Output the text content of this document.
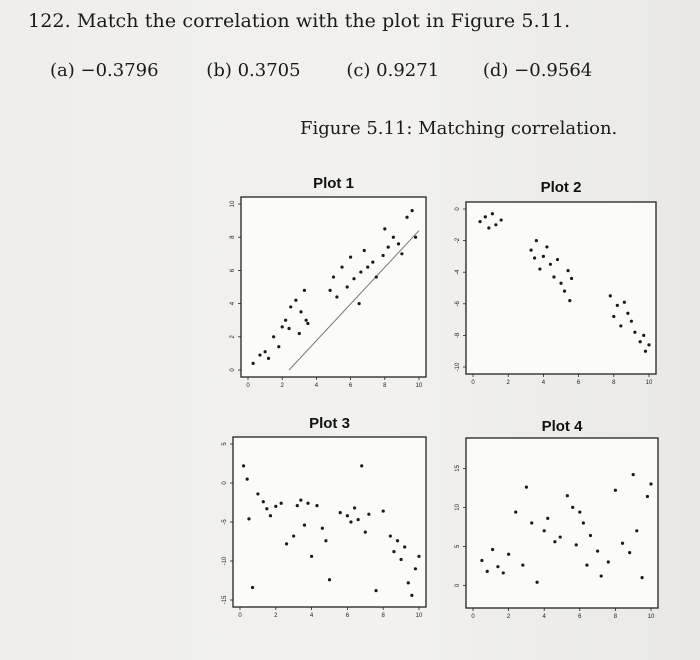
122. Match the correlation with the plot in Figure 5.11.
(a) −0.3796	(b) 0.3705	(c) 0.9271 (d) −0.9564
Figure 5.11: Matching correlation.
Plot 1
0	2	4	6	8	10
0
2
4
6
8
10
Plot 2
0	2	4	6	8	10
-10
-8
-6
-4
-2
0
Plot 3
0	2	4	6	8	10
-15
-10
-5
0
5
Plot 4
0	2	4	6	8	10
0
5
10
15
